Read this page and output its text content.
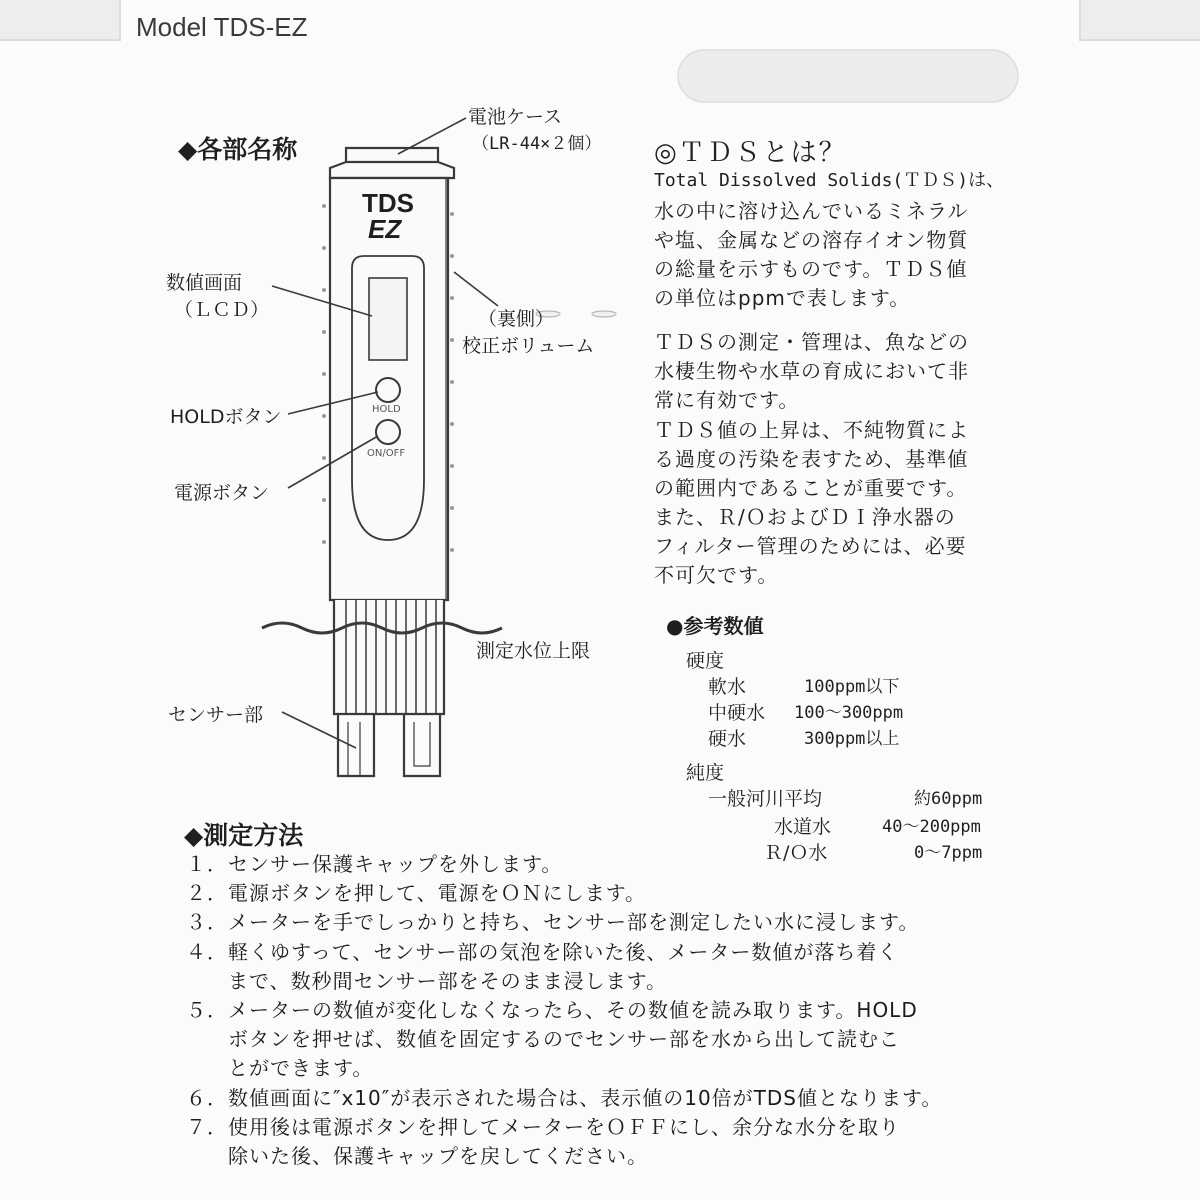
Model TDS-EZ
◆各部名称
TDS
EZ
HOLD
ON/OFF
電池ケース
（LR-44×２個）
数値画面
（ＬＣＤ）
HOLDボタン
電源ボタン
（裏側）
校正ボリューム
測定水位上限
センサー部
◎ＴＤＳとは？
Total Dissolved Solids(ＴＤＳ)は、
水の中に溶け込んでいるミネラル
や塩、金属などの溶存イオン物質
の総量を示すものです。ＴＤＳ値
の単位はppmで表します。
ＴＤＳの測定・管理は、魚などの
水棲生物や水草の育成において非
常に有効です。
ＴＤＳ値の上昇は、不純物質によ
る過度の汚染を表すため、基準値
の範囲内であることが重要です。
また、Ｒ/ＯおよびＤＩ浄水器の
フィルター管理のためには、必要
不可欠です。
●参考数値
硬度
軟水	100ppm以下
中硬水 100～300ppm
硬水	300ppm以上
純度
一般河川平均	約60ppm
水道水	40～200ppm
Ｒ/Ｏ水	0～7ppm
◆測定方法
１．センサー保護キャップを外します。
２．電源ボタンを押して、電源をＯＮにします。
３．メーターを手でしっかりと持ち、センサー部を測定したい水に浸します。
４．軽くゆすって、センサー部の気泡を除いた後、メーター数値が落ち着く
　　まで、数秒間センサー部をそのまま浸します。
５．メーターの数値が変化しなくなったら、その数値を読み取ります。HOLD
　　ボタンを押せば、数値を固定するのでセンサー部を水から出して読むこ
　　とができます。
６．数値画面に″x10″が表示された場合は、表示値の10倍がTDS値となります。
７．使用後は電源ボタンを押してメーターをＯＦＦにし、余分な水分を取り
　　除いた後、保護キャップを戻してください。
